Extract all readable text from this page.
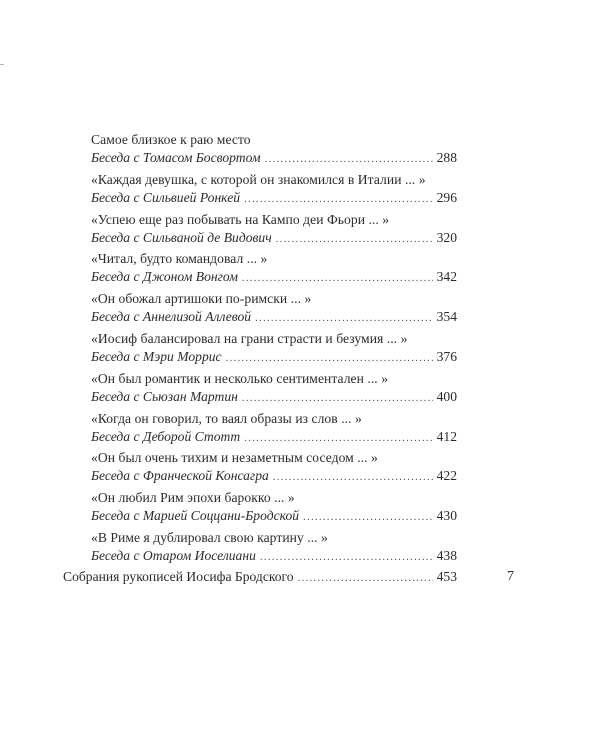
Самое близкое к раю место
Беседа с Томасом Босвортом .....	288
«Каждая девушка, с которой он знакомился в Италии ... »
Беседа с Сильвией Ронкей .....	296
«Успею еще раз побывать на Кампо деи Фьори ... »
Беседа с Сильваной де Видович .....	320
«Читал, будто командовал ... »
Беседа с Джоном Вонгом .....	342
«Он обожал артишоки по-римски ... »
Беседа с Аннелизой Аллевой .....	354
«Иосиф балансировал на грани страсти и безумия ... »
Беседа с Мэри Моррис .....	376
«Он был романтик и несколько сентиментален ... »
Беседа с Сьюзан Мартин .....	400
«Когда он говорил, то ваял образы из слов ... »
Беседа с Деборой Стотт .....	412
«Он был очень тихим и незаметным соседом ... »
Беседа с Франческой Консагра .....	422
«Он любил Рим эпохи барокко ... »
Беседа с Марией Соццани-Бродской .....	430
«В Риме я дублировал свою картину ... »
Беседа с Отаром Иоселиани .....	438
Собрания рукописей Иосифа Бродского .....	453	7
